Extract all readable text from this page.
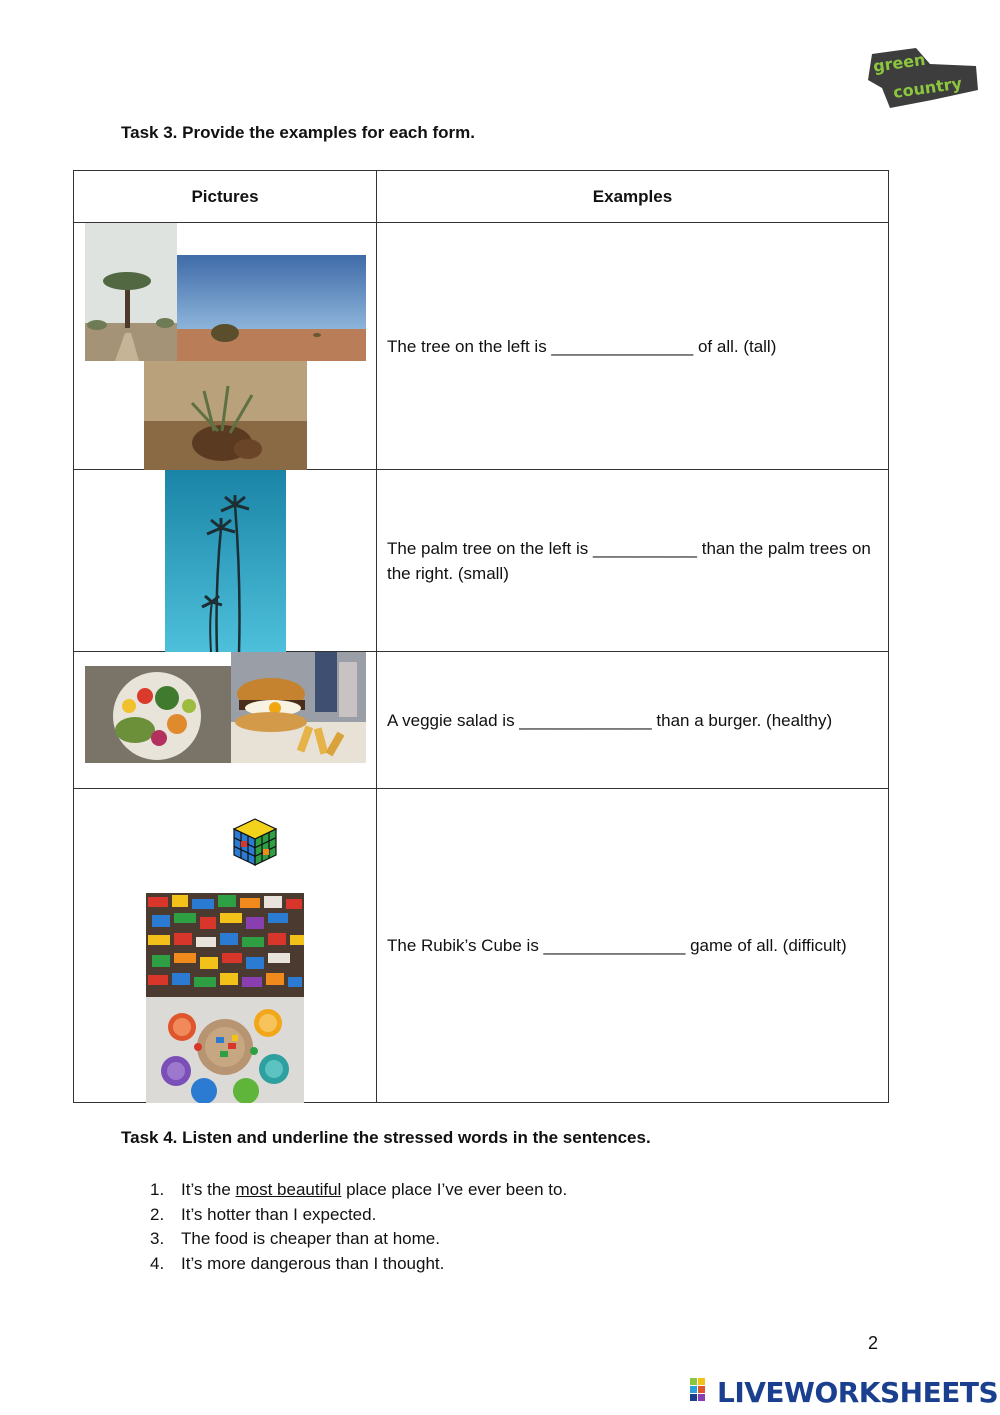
green
country
Task 3. Provide the examples for each form.
Pictures	Examples

	The tree on the left is _______________ of all. (tall)

	The palm tree on the left is ___________ than the palm trees on the right. (small)

	A veggie salad is ______________ than a burger. (healthy)

	The Rubik’s Cube is _______________ game of all. (difficult)
Task 4. Listen and underline the stressed words in the sentences.
1. It’s the most beautiful place place I’ve ever been to.
2. It’s hotter than I expected.
3. The food is cheaper than at home.
4. It’s more dangerous than I thought.
2
LIVEWORKSHEETS
